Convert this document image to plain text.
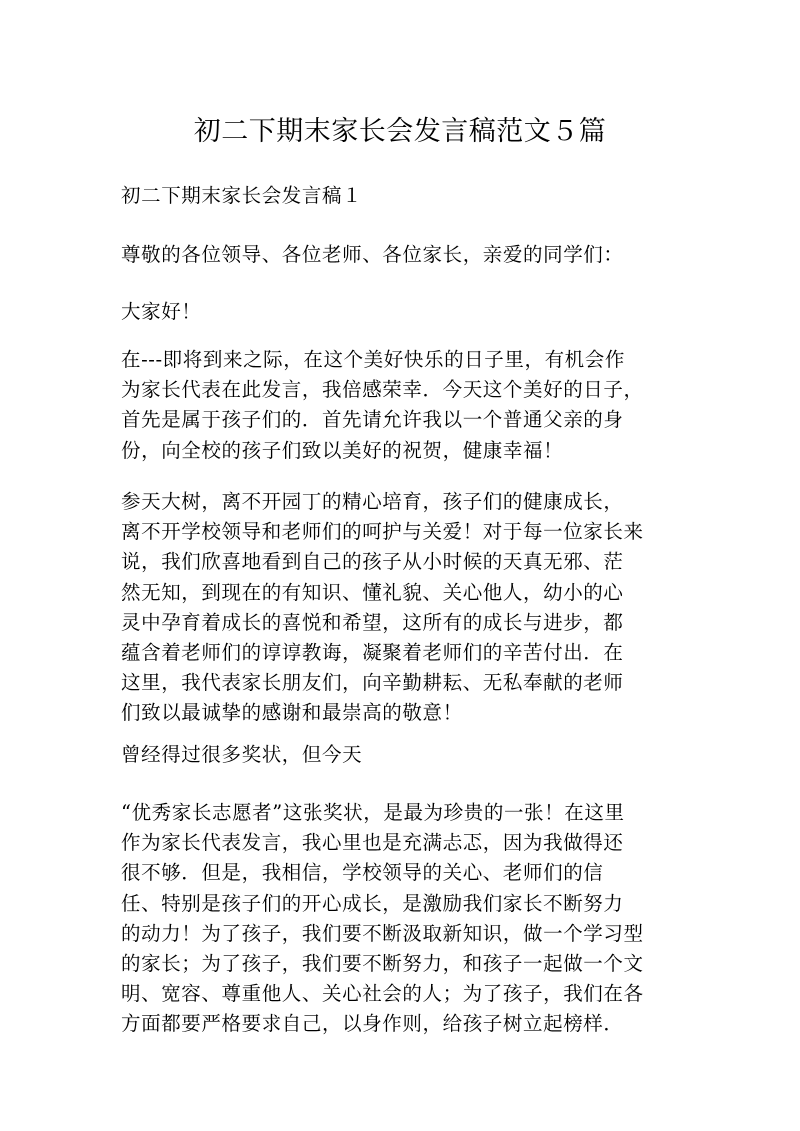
初二下期末家长会发言稿范文５篇

初二下期末家长会发言稿１

尊敬的各位领导、各位老师、各位家长，亲爱的同学们：

大家好！

在---即将到来之际，在这个美好快乐的日子里，有机会作
为家长代表在此发言，我倍感荣幸．今天这个美好的日子，
首先是属于孩子们的．首先请允许我以一个普通父亲的身
份，向全校的孩子们致以美好的祝贺，健康幸福！

参天大树，离不开园丁的精心培育，孩子们的健康成长，
离不开学校领导和老师们的呵护与关爱！对于每一位家长来
说，我们欣喜地看到自己的孩子从小时候的天真无邪、茫
然无知，到现在的有知识、懂礼貌、关心他人，幼小的心
灵中孕育着成长的喜悦和希望，这所有的成长与进步，都
蕴含着老师们的谆谆教诲，凝聚着老师们的辛苦付出．在
这里，我代表家长朋友们，向辛勤耕耘、无私奉献的老师
们致以最诚挚的感谢和最崇高的敬意！

曾经得过很多奖状，但今天

“优秀家长志愿者”这张奖状，是最为珍贵的一张！在这里
作为家长代表发言，我心里也是充满忐忑，因为我做得还
很不够．但是，我相信，学校领导的关心、老师们的信
任、特别是孩子们的开心成长，是激励我们家长不断努力
的动力！为了孩子，我们要不断汲取新知识，做一个学习型
的家长；为了孩子，我们要不断努力，和孩子一起做一个文
明、宽容、尊重他人、关心社会的人；为了孩子，我们在各
方面都要严格要求自己，以身作则，给孩子树立起榜样．
